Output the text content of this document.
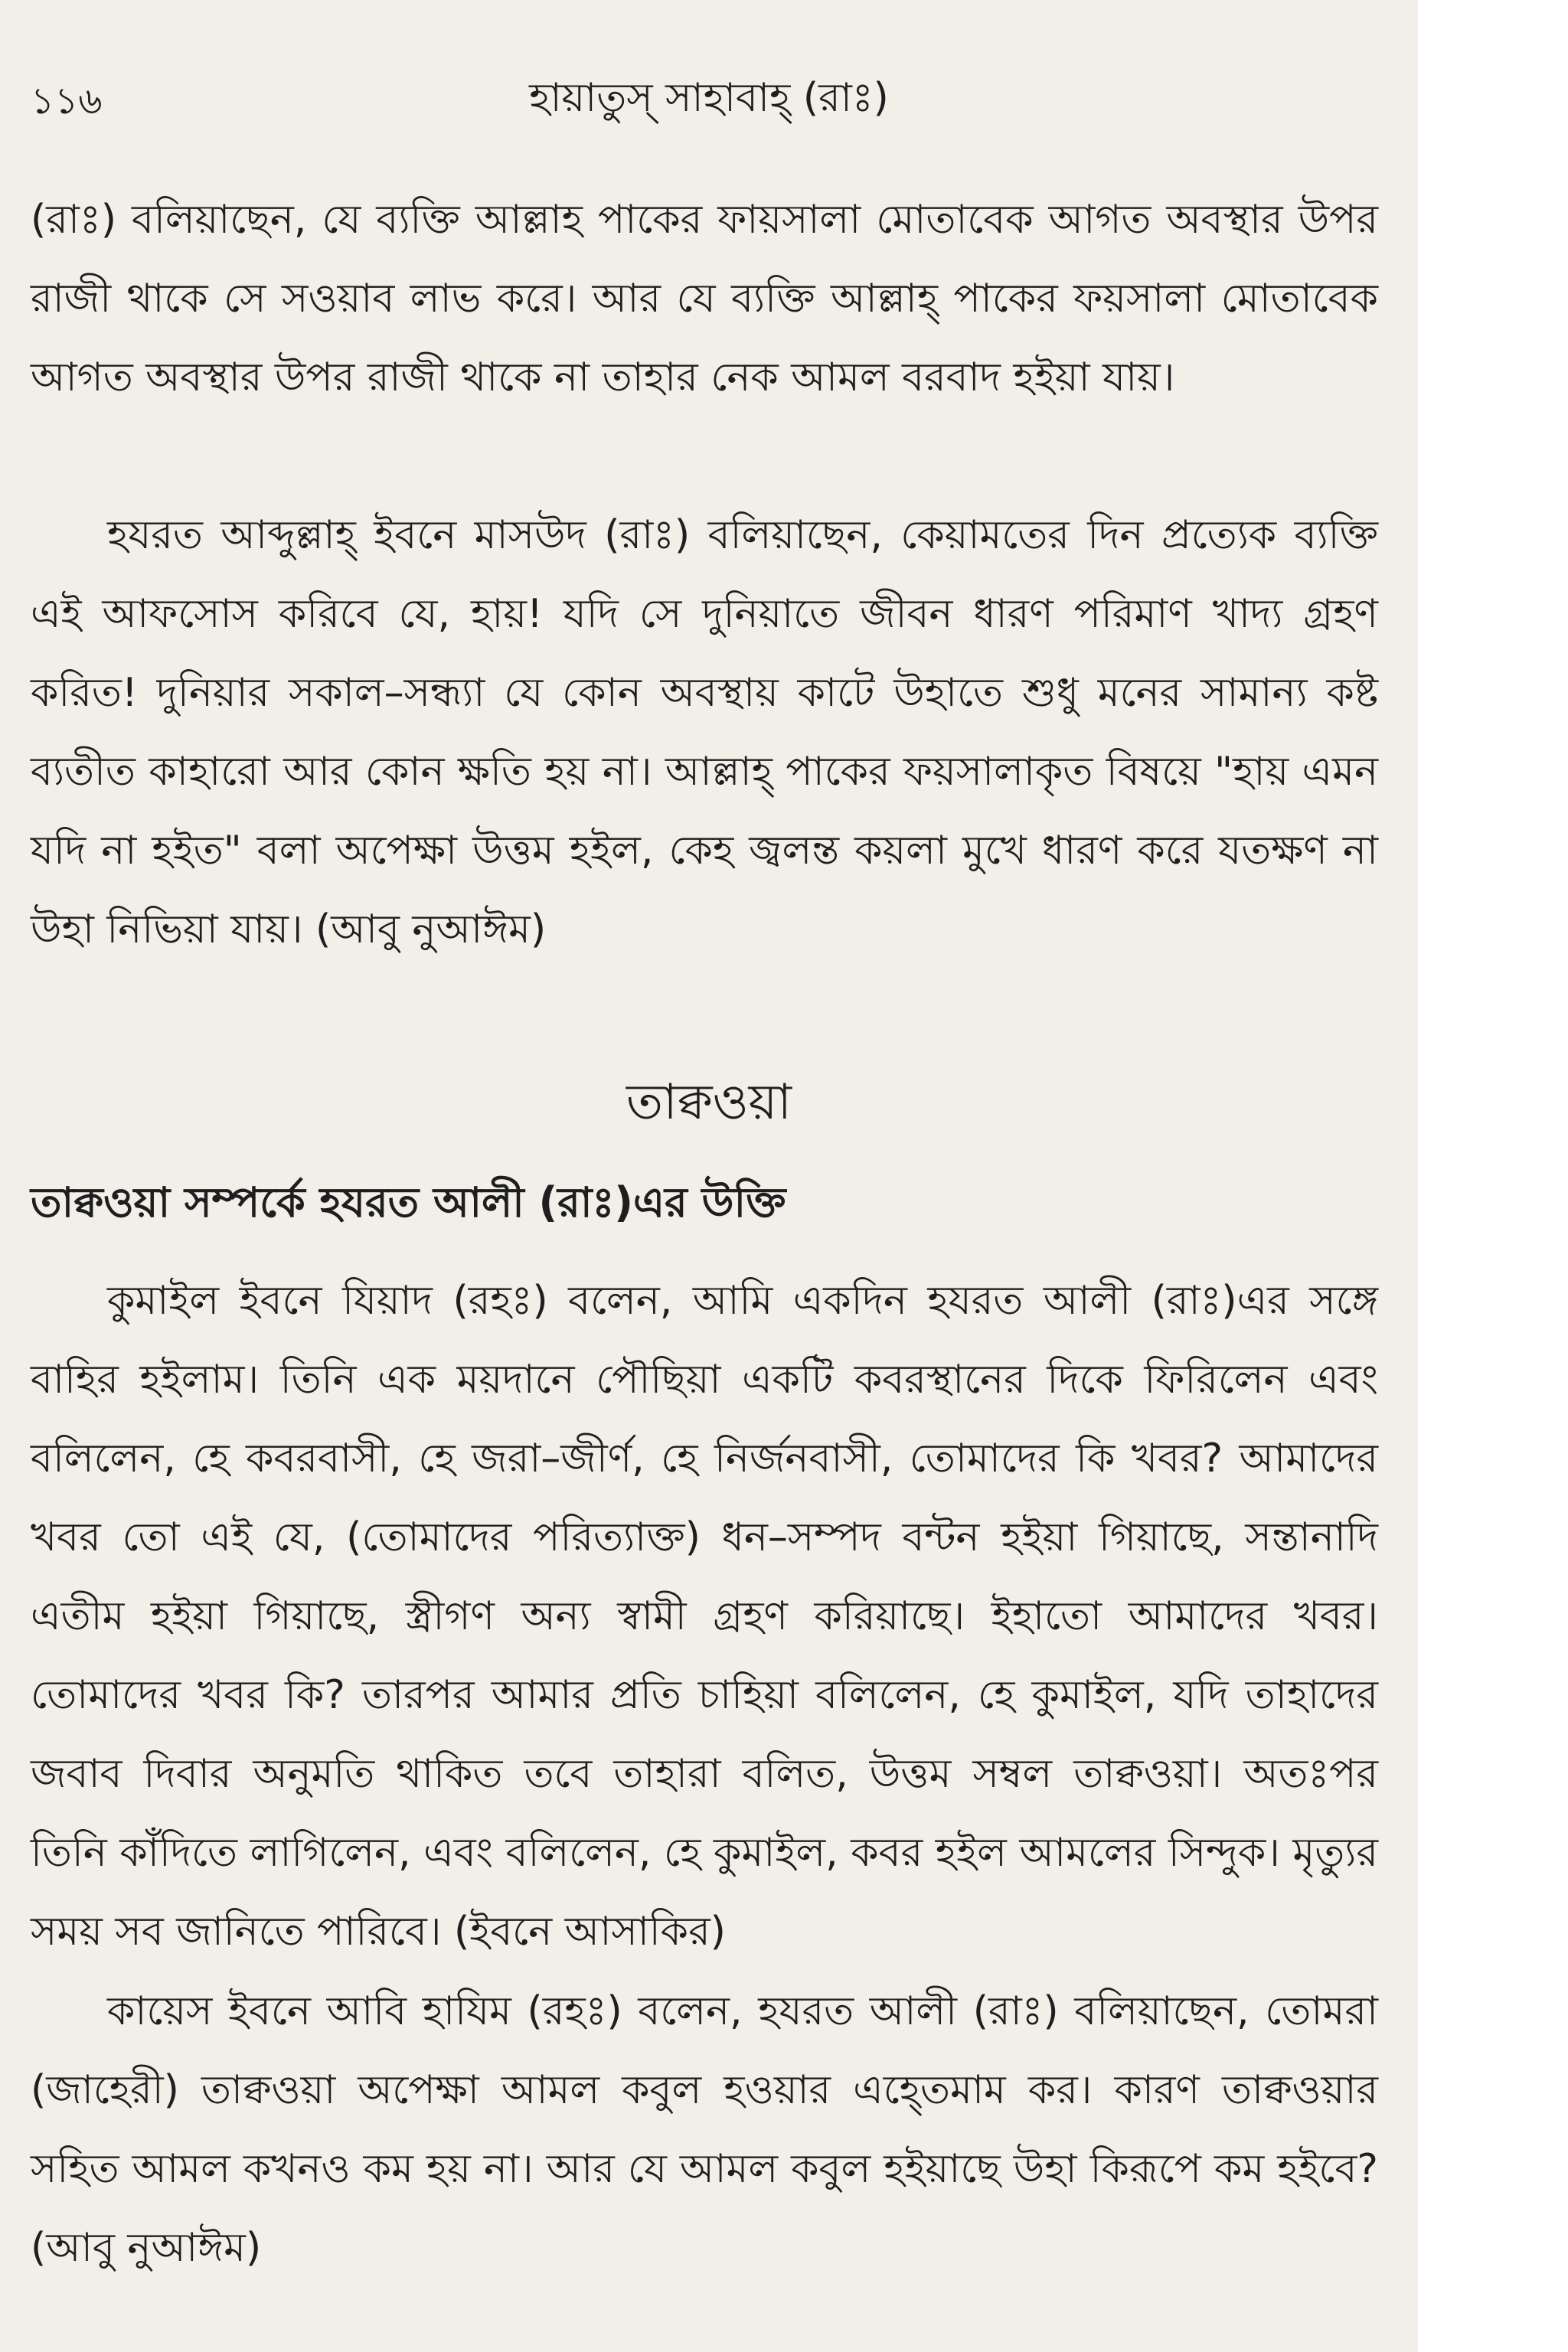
১১৬	হায়াতুস্ সাহাবাহ্ (রাঃ)

(রাঃ) বলিয়াছেন, যে ব্যক্তি আল্লাহ পাকের ফায়সালা মোতাবেক আগত অবস্থার উপর রাজী থাকে সে সওয়াব লাভ করে। আর যে ব্যক্তি আল্লাহ্ পাকের ফয়সালা মোতাবেক আগত অবস্থার উপর রাজী থাকে না তাহার নেক আমল বরবাদ হইয়া যায়।

হযরত আব্দুল্লাহ্ ইবনে মাসউদ (রাঃ) বলিয়াছেন, কেয়ামতের দিন প্রত্যেক ব্যক্তি এই আফসোস করিবে যে, হায়! যদি সে দুনিয়াতে জীবন ধারণ পরিমাণ খাদ্য গ্রহণ করিত! দুনিয়ার সকাল–সন্ধ্যা যে কোন অবস্থায় কাটে উহাতে শুধু মনের সামান্য কষ্ট ব্যতীত কাহারো আর কোন ক্ষতি হয় না। আল্লাহ্ পাকের ফয়সালাকৃত বিষয়ে "হায় এমন যদি না হইত" বলা অপেক্ষা উত্তম হইল, কেহ জ্বলন্ত কয়লা মুখে ধারণ করে যতক্ষণ না উহা নিভিয়া যায়। (আবু নুআঈম)

তাক্বওয়া
তাক্বওয়া সম্পর্কে হযরত আলী (রাঃ)এর উক্তি

কুমাইল ইবনে যিয়াদ (রহঃ) বলেন, আমি একদিন হযরত আলী (রাঃ)এর সঙ্গে বাহির হইলাম। তিনি এক ময়দানে পৌছিয়া একটি কবরস্থানের দিকে ফিরিলেন এবং বলিলেন, হে কবরবাসী, হে জরা–জীর্ণ, হে নির্জনবাসী, তোমাদের কি খবর? আমাদের খবর তো এই যে, (তোমাদের পরিত্যাক্ত) ধন–সম্পদ বন্টন হইয়া গিয়াছে, সন্তানাদি এতীম হইয়া গিয়াছে, স্ত্রীগণ অন্য স্বামী গ্রহণ করিয়াছে। ইহাতো আমাদের খবর। তোমাদের খবর কি? তারপর আমার প্রতি চাহিয়া বলিলেন, হে কুমাইল, যদি তাহাদের জবাব দিবার অনুমতি থাকিত তবে তাহারা বলিত, উত্তম সম্বল তাক্বওয়া। অতঃপর তিনি কাঁদিতে লাগিলেন, এবং বলিলেন, হে কুমাইল, কবর হইল আমলের সিন্দুক। মৃত্যুর সময় সব জানিতে পারিবে। (ইবনে আসাকির)

কায়েস ইবনে আবি হাযিম (রহঃ) বলেন, হযরত আলী (রাঃ) বলিয়াছেন, তোমরা (জাহেরী) তাক্বওয়া অপেক্ষা আমল কবুল হওয়ার এহ্তেমাম কর। কারণ তাক্বওয়ার সহিত আমল কখনও কম হয় না। আর যে আমল কবুল হইয়াছে উহা কিরূপে কম হইবে? (আবু নুআঈম)
